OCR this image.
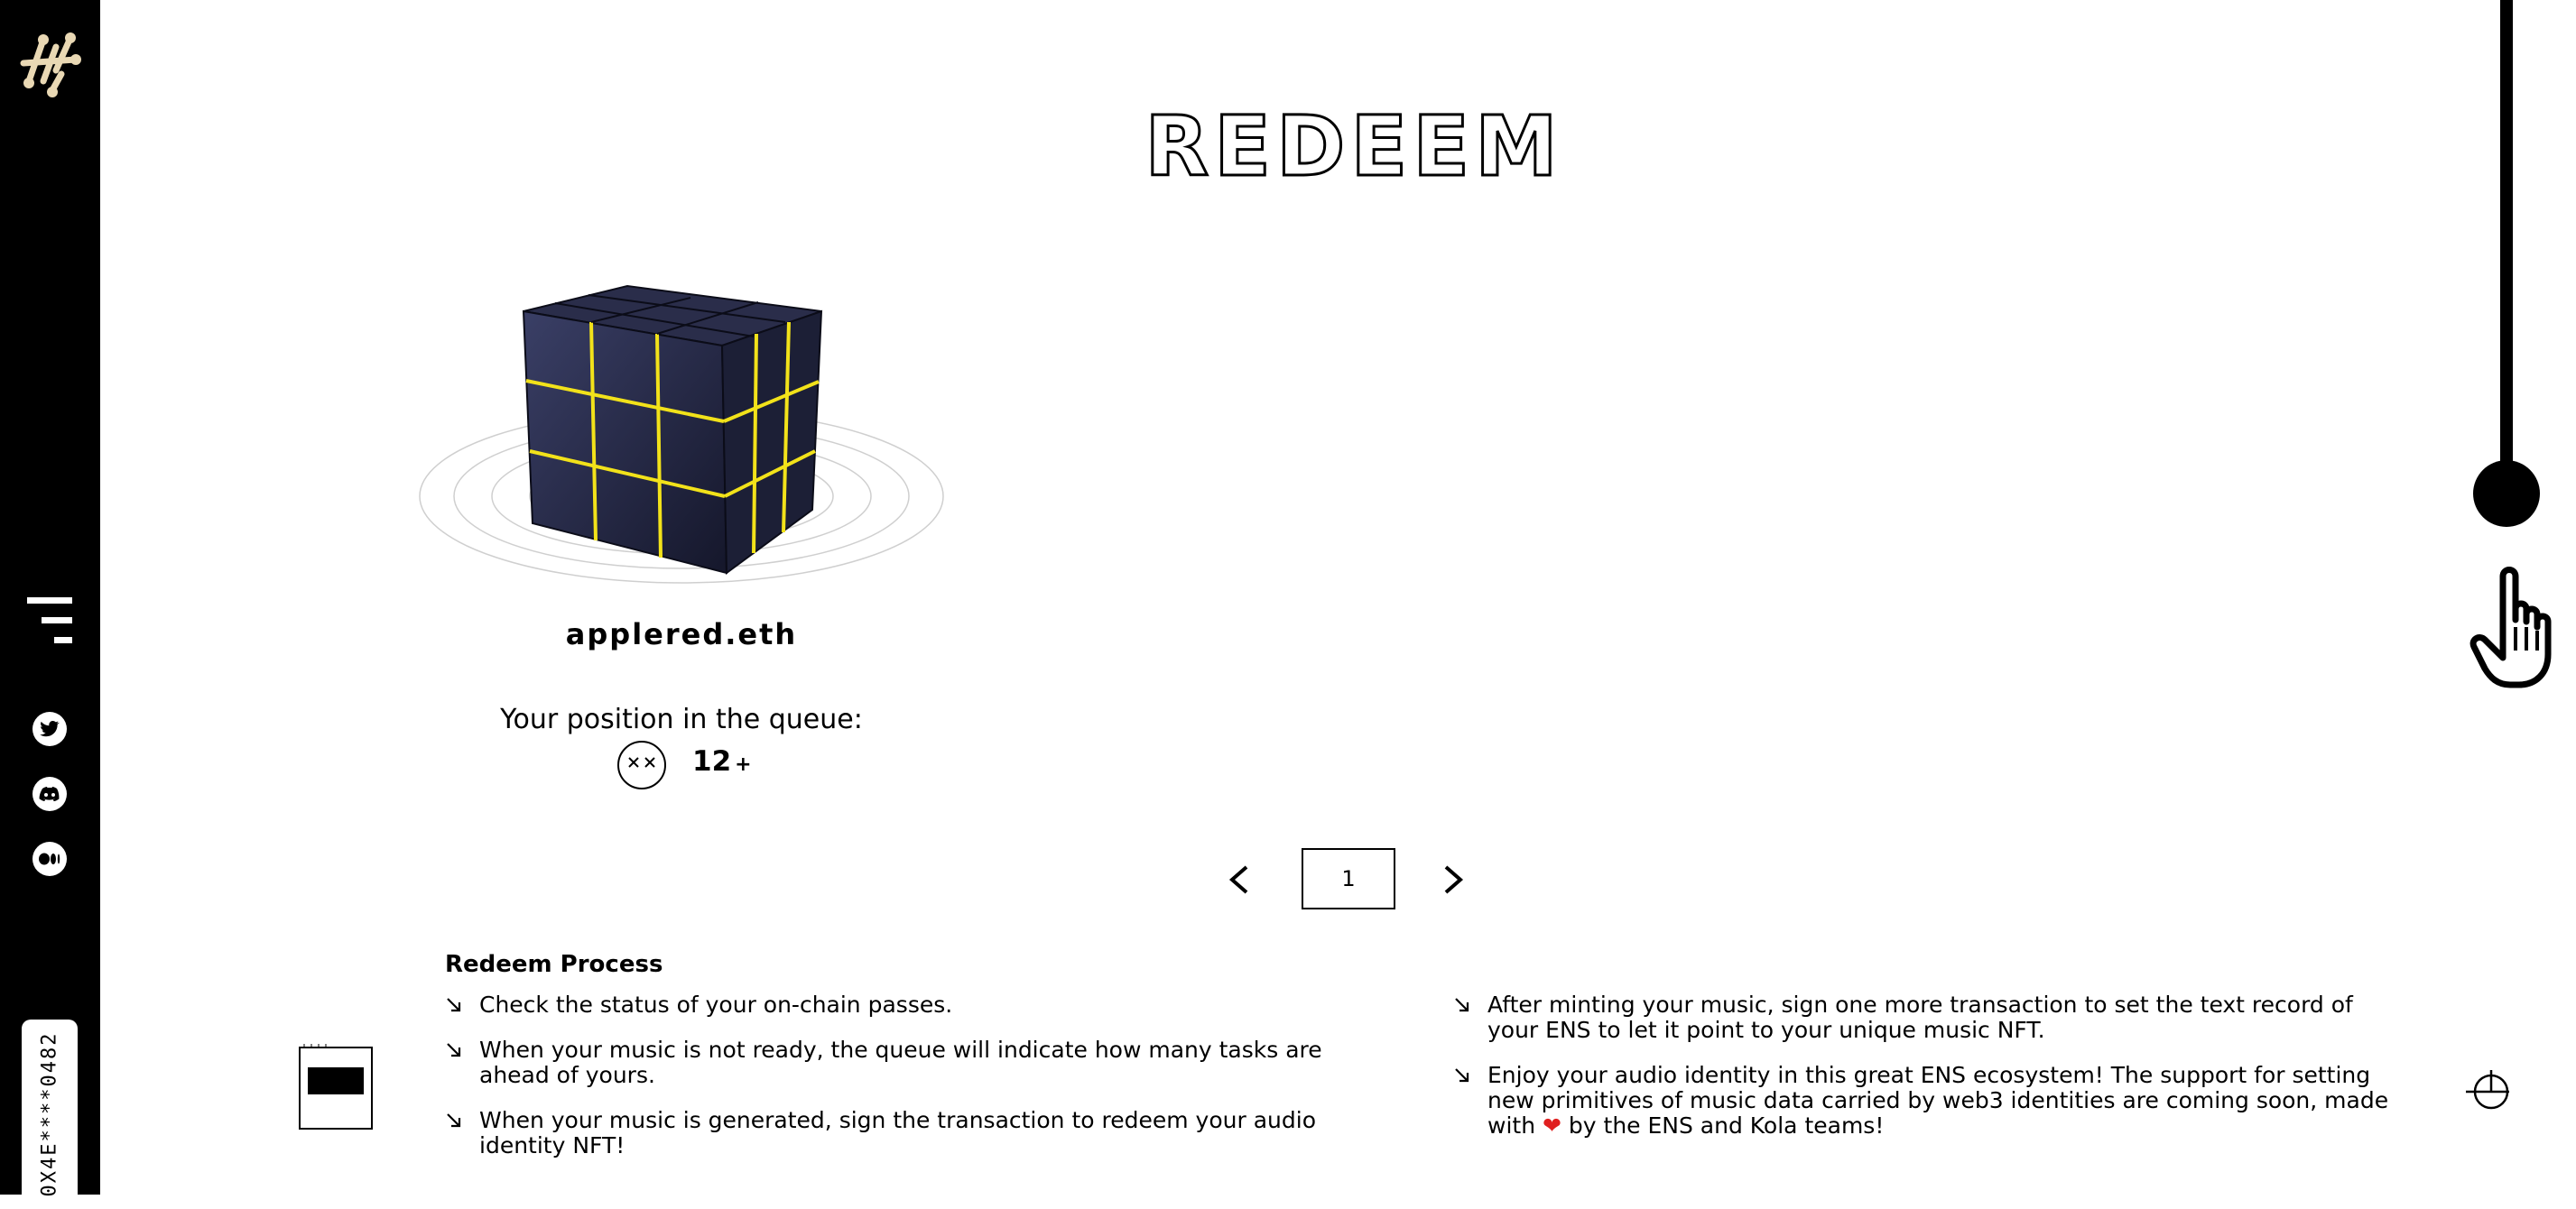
0X4E****0482
REDEEM
applered.eth
Your position in the queue:
12 +
1
Redeem Process
Check the status of your on-chain passes.
When your music is not ready, the queue will indicate how many tasks are ahead of yours.
When your music is generated, sign the transaction to redeem your audio identity NFT!
After minting your music, sign one more transaction to set the text record of your ENS to let it point to your unique music NFT.
Enjoy your audio identity in this great ENS ecosystem! The support for setting new primitives of music data carried by web3 identities are coming soon, made with ❤ by the ENS and Kola teams!
